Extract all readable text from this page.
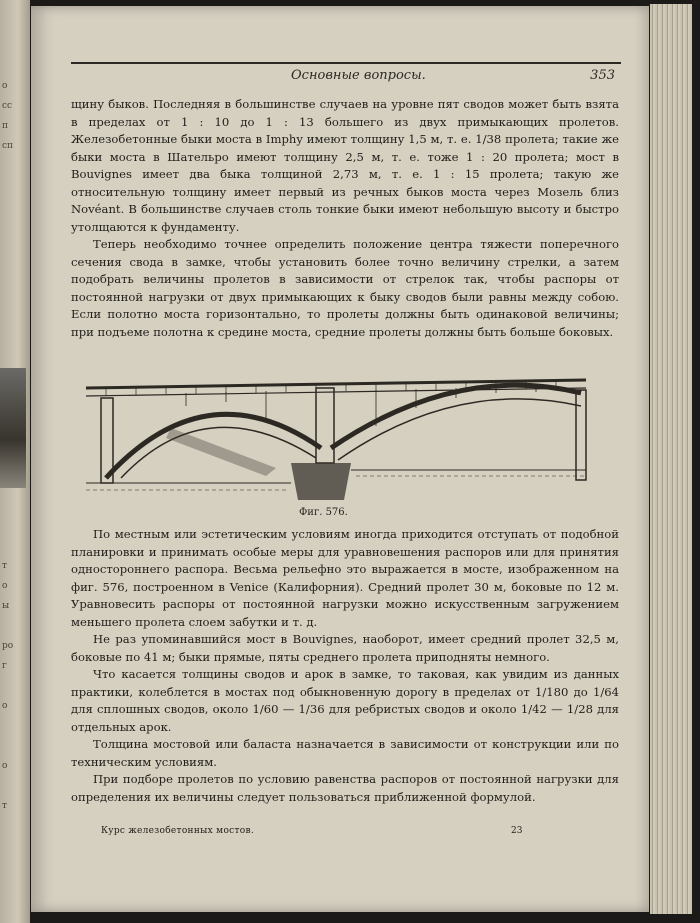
Основные вопросы.	353

щину быков. Последняя в большинстве случаев на уровне пят сводов может быть взята в пределах от 1 : 10 до 1 : 13 большего из двух примыкающих пролетов. Железобетонные быки моста в Imphy имеют толщину 1,5 м, т. е. 1/38 пролета; такие же быки моста в Шательро имеют толщину 2,5 м, т. е. тоже 1 : 20 пролета; мост в Bouvignes имеет два быка толщиной 2,73 м, т. е. 1 : 15 пролета; такую же относительную толщину имеет первый из речных быков моста через Мозель близ Novéant. В большинстве случаев столь тонкие быки имеют небольшую высоту и быстро утолщаются к фундаменту.

Теперь необходимо точнее определить положение центра тяжести поперечного сечения свода в замке, чтобы установить более точно величину стрелки, а затем подобрать величины пролетов в зависимости от стрелок так, чтобы распоры от постоянной нагрузки от двух примыкающих к быку сводов были равны между собою. Если полотно моста горизонтально, то пролеты должны быть одинаковой величины; при подъеме полотна к средине моста, средние пролеты должны быть больше боковых.

Фиг. 576.

По местным или эстетическим условиям иногда приходится отступать от подобной планировки и принимать особые меры для уравновешения распоров или для принятия одностороннего распора. Весьма рельефно это выражается в мосте, изображенном на фиг. 576, построенном в Venice (Калифорния). Средний пролет 30 м, боковые по 12 м. Уравновесить распоры от постоянной нагрузки можно искусственным загружением меньшего пролета слоем забутки и т. д.

Не раз упоминавшийся мост в Bouvignes, наоборот, имеет средний пролет 32,5 м, боковые по 41 м; быки прямые, пяты среднего пролета приподняты немного.

Что касается толщины сводов и арок в замке, то таковая, как увидим из данных практики, колеблется в мостах под обыкновенную дорогу в пределах от 1/180 до 1/64 для сплошных сводов, около 1/60 — 1/36 для ребристых сводов и около 1/42 — 1/28 для отдельных арок.

Толщина мостовой или баласта назначается в зависимости от конструкции или по техническим условиям.

При подборе пролетов по условию равенства распоров от постоянной нагрузки для определения их величины следует пользоваться приближенной формулой.

Курс железобетонных мостов.	23
о
сс
п
сп
т
о
ы
ро
г
о
о
т
